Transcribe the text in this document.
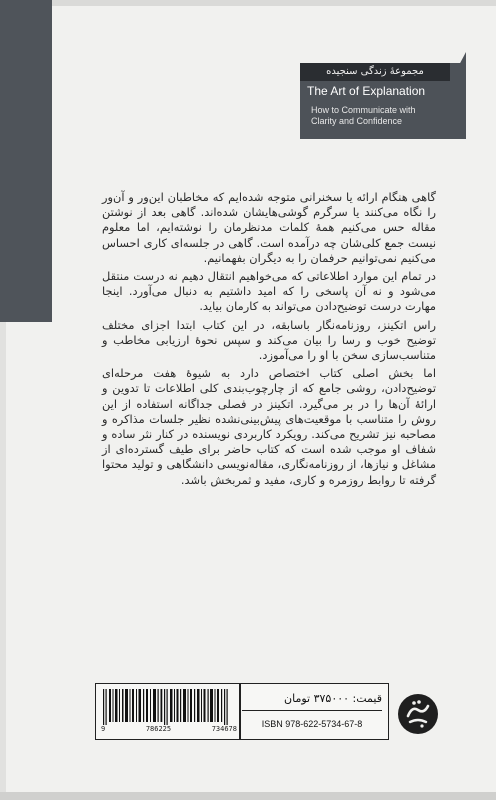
مجموعهٔ زندگی سنجیده
The Art of Explanation
How to Communicate with
Clarity and Confidence

گاهی هنگام ارائه یا سخنرانی متوجه شده‌ایم که مخاطبان این‌ور و آن‌ور را نگاه می‌کنند یا سرگرم گوشی‌هایشان شده‌اند. گاهی بعد از نوشتن مقاله حس می‌کنیم همهٔ کلمات مدنظرمان را نوشته‌ایم، اما معلوم نیست جمع کلی‌شان چه درآمده است. گاهی در جلسه‌ای کاری احساس می‌کنیم نمی‌توانیم حرفمان را به دیگران بفهمانیم.

در تمام این موارد اطلاعاتی که می‌خواهیم انتقال دهیم نه درست منتقل می‌شود و نه آن پاسخی را که امید داشتیم به دنبال می‌آورد. اینجا مهارت درست توضیح‌دادن می‌تواند به کارمان بیاید.

راس اتکینز، روزنامه‌نگار باسابقه، در این کتاب ابتدا اجزای مختلف توضیح خوب و رسا را بیان می‌کند و سپس نحوهٔ ارزیابی مخاطب و متناسب‌سازی سخن با او را می‌آموزد.

اما بخش اصلی کتاب اختصاص دارد به شیوهٔ هفت مرحله‌ای توضیح‌دادن، روشی جامع که از چارچوب‌بندی کلی اطلاعات تا تدوین و ارائهٔ آن‌ها را در بر می‌گیرد. اتکینز در فصلی جداگانه استفاده از این روش را متناسب با موقعیت‌های پیش‌بینی‌نشده نظیر جلسات مذاکره و مصاحبه نیز تشریح می‌کند. رویکرد کاربردی نویسنده در کنار نثر ساده و شفاف او موجب شده است که کتاب حاضر برای طیف گسترده‌ای از مشاغل و نیازها، از روزنامه‌نگاری، مقاله‌نویسی دانشگاهی و تولید محتوا گرفته تا روابط روزمره و کاری، مفید و ثمربخش باشد.

9	786225	734678
قیمت: ۳۷۵۰۰۰ تومان
ISBN 978-622-5734-67-8
